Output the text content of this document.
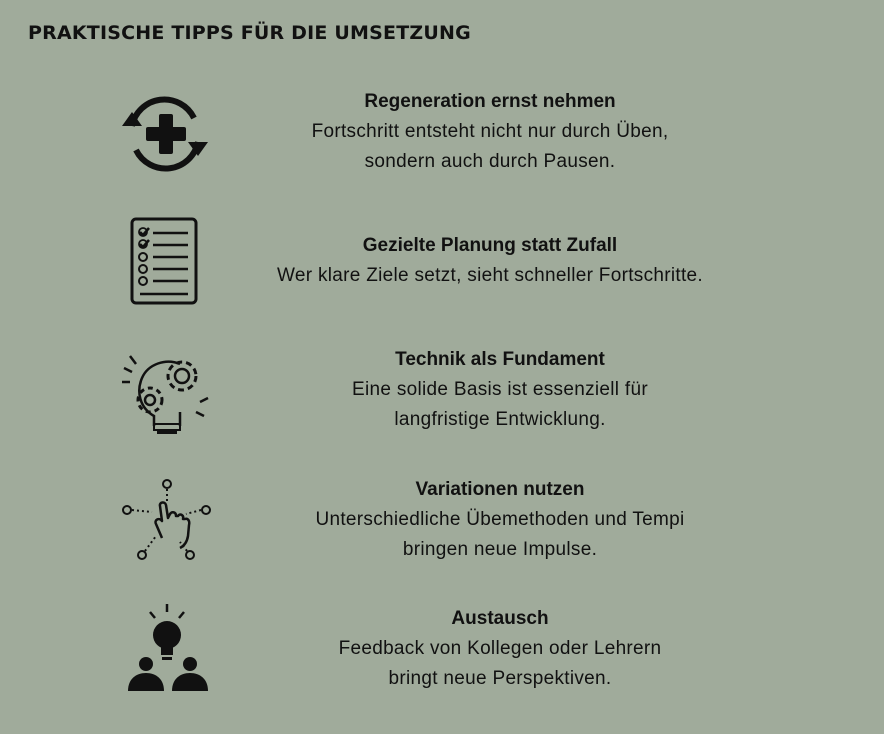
PRAKTISCHE TIPPS FÜR DIE UMSETZUNG
Regeneration ernst nehmen
Fortschritt entsteht nicht nur durch Üben,
sondern auch durch Pausen.
Gezielte Planung statt Zufall
Wer klare Ziele setzt, sieht schneller Fortschritte.
Technik als Fundament
Eine solide Basis ist essenziell für
langfristige Entwicklung.
Variationen nutzen
Unterschiedliche Übemethoden und Tempi
bringen neue Impulse.
Austausch
Feedback von Kollegen oder Lehrern
bringt neue Perspektiven.
